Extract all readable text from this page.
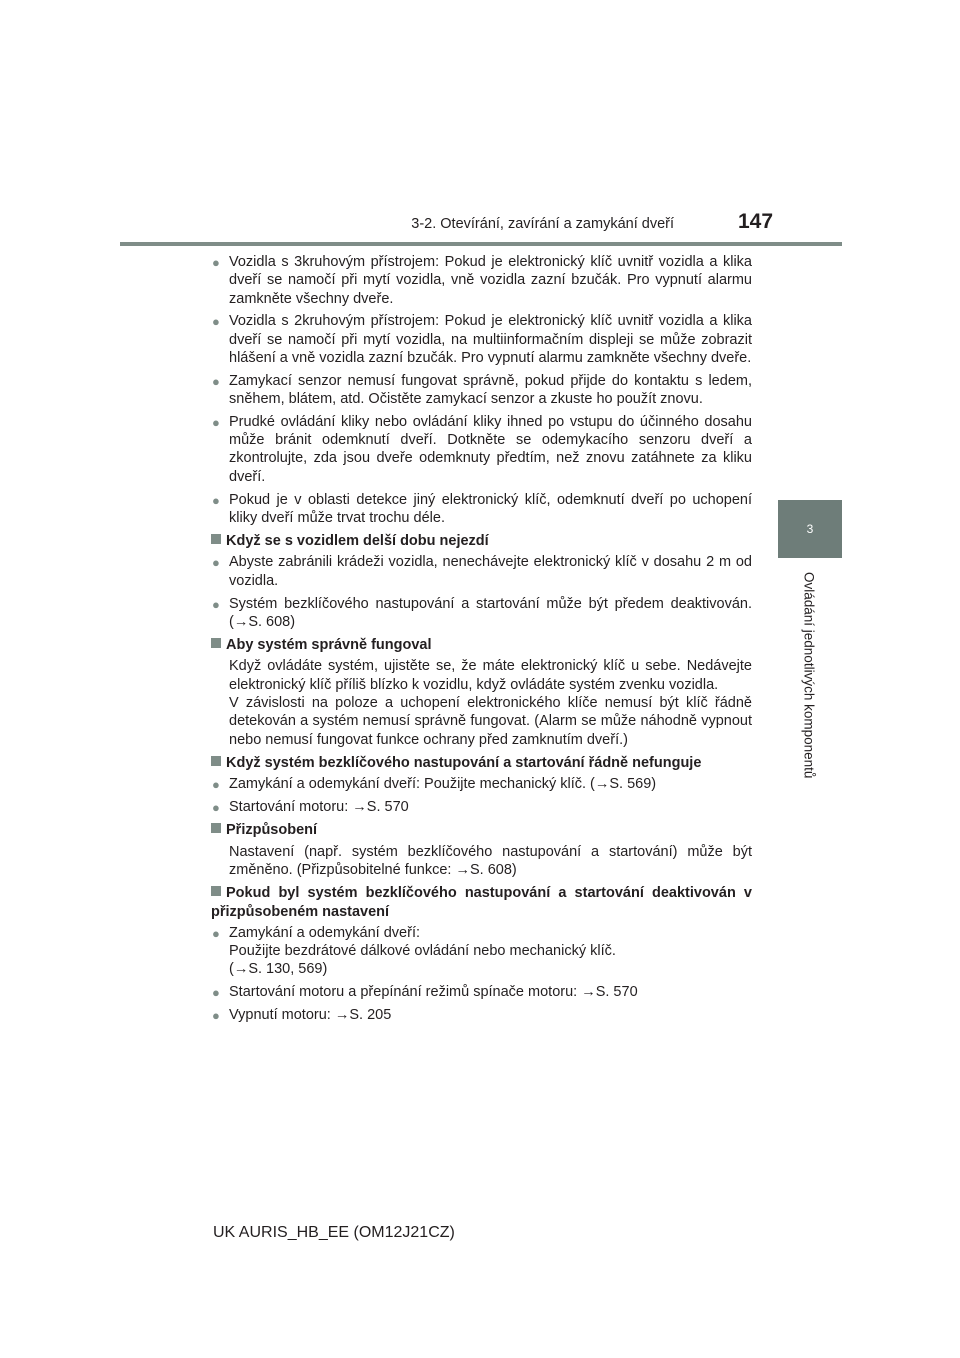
3-2. Otevírání, zavírání a zamykání dveří	147
3
Ovládání jednotlivých komponentů
● Vozidla s 3kruhovým přístrojem: Pokud je elektronický klíč uvnitř vozidla a klika dveří se namočí při mytí vozidla, vně vozidla zazní bzučák. Pro vypnutí alarmu zamkněte všechny dveře.
● Vozidla s 2kruhovým přístrojem: Pokud je elektronický klíč uvnitř vozidla a klika dveří se namočí při mytí vozidla, na multiinformačním displeji se může zobrazit hlášení a vně vozidla zazní bzučák. Pro vypnutí alarmu zamkněte všechny dveře.
● Zamykací senzor nemusí fungovat správně, pokud přijde do kontaktu s ledem, sněhem, blátem, atd. Očistěte zamykací senzor a zkuste ho použít znovu.
● Prudké ovládání kliky nebo ovládání kliky ihned po vstupu do účinného dosahu může bránit odemknutí dveří. Dotkněte se odemykacího senzoru dveří a zkontrolujte, zda jsou dveře odemknuty předtím, než znovu zatáhnete za kliku dveří.
● Pokud je v oblasti detekce jiný elektronický klíč, odemknutí dveří po uchopení kliky dveří může trvat trochu déle.
Když se s vozidlem delší dobu nejezdí
● Abyste zabránili krádeži vozidla, nenechávejte elektronický klíč v dosahu 2 m od vozidla.
● Systém bezklíčového nastupování a startování může být předem deaktivován. (→S. 608)
Aby systém správně fungoval
Když ovládáte systém, ujistěte se, že máte elektronický klíč u sebe. Nedávejte elektronický klíč příliš blízko k vozidlu, když ovládáte systém zvenku vozidla.
V závislosti na poloze a uchopení elektronického klíče nemusí být klíč řádně detekován a systém nemusí správně fungovat. (Alarm se může náhodně vypnout nebo nemusí fungovat funkce ochrany před zamknutím dveří.)
Když systém bezklíčového nastupování a startování řádně nefunguje
● Zamykání a odemykání dveří: Použijte mechanický klíč. (→S. 569)
● Startování motoru: →S. 570
Přizpůsobení
Nastavení (např. systém bezklíčového nastupování a startování) může být změněno. (Přizpůsobitelné funkce: →S. 608)
Pokud byl systém bezklíčového nastupování a startování deaktivován v přizpůsobeném nastavení
● Zamykání a odemykání dveří:
Použijte bezdrátové dálkové ovládání nebo mechanický klíč.
(→S. 130, 569)
● Startování motoru a přepínání režimů spínače motoru: →S. 570
● Vypnutí motoru: →S. 205
UK AURIS_HB_EE (OM12J21CZ)
